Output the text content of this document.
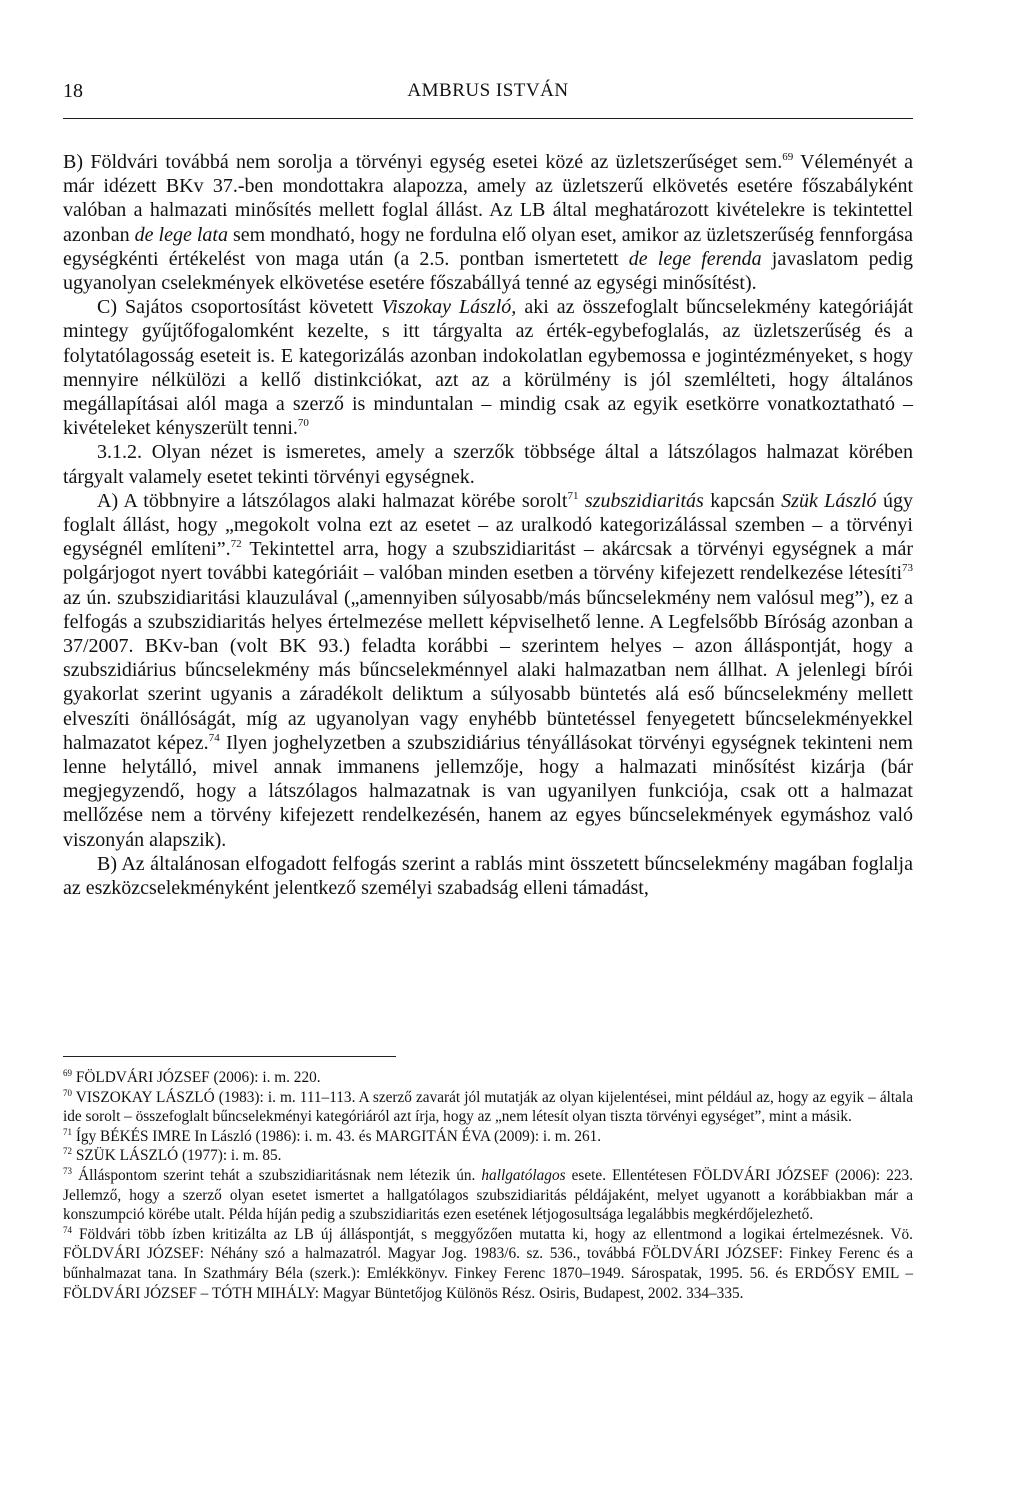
18	AMBRUS ISTVÁN

B) Földvári továbbá nem sorolja a törvényi egység esetei közé az üzletszerűséget sem.$^{69}$ Véleményét a már idézett BKv 37.-ben mondottakra alapozza, amely az üzletszerű elkövetés esetére főszabályként valóban a halmazati minősítés mellett foglal állást. Az LB által meghatározott kivételekre is tekintettel azonban de lege lata sem mondható, hogy ne fordulna elő olyan eset, amikor az üzletszerűség fennforgása egységkénti értékelést von maga után (a 2.5. pontban ismertetett de lege ferenda javaslatom pedig ugyanolyan cselekmények elkövetése esetére főszabállyá tenné az egységi minősítést).

C) Sajátos csoportosítást követett Viszokay László, aki az összefoglalt bűncselekmény kategóriáját mintegy gyűjtőfogalomként kezelte, s itt tárgyalta az érték-egybefoglalás, az üzletszerűség és a folytatólagosság eseteit is. E kategorizálás azonban indokolatlan egybemossa e jogintézményeket, s hogy mennyire nélkülözi a kellő distinkciókat, azt az a körülmény is jól szemlélteti, hogy általános megállapításai alól maga a szerző is minduntalan – mindig csak az egyik esetkörre vonatkoztatható – kivételeket kényszerült tenni.$^{70}$

3.1.2. Olyan nézet is ismeretes, amely a szerzők többsége által a látszólagos halmazat körében tárgyalt valamely esetet tekinti törvényi egységnek.

A) A többnyire a látszólagos alaki halmazat körébe sorolt$^{71}$ szubszidiaritás kapcsán Szük László úgy foglalt állást, hogy „megokolt volna ezt az esetet – az uralkodó kategorizálással szemben – a törvényi egységnél említeni”.$^{72}$ Tekintettel arra, hogy a szubszidiaritást – akárcsak a törvényi egységnek a már polgárjogot nyert további kategóriáit – valóban minden esetben a törvény kifejezett rendelkezése létesíti$^{73}$ az ún. szubszidiaritási klauzulával („amennyiben súlyosabb/más bűncselekmény nem valósul meg”), ez a felfogás a szubszidiaritás helyes értelmezése mellett képviselhető lenne. A Legfelsőbb Bíróság azonban a 37/2007. BKv-ban (volt BK 93.) feladta korábbi – szerintem helyes – azon álláspontját, hogy a szubszidiárius bűncselekmény más bűncselekménnyel alaki halmazatban nem állhat. A jelenlegi bírói gyakorlat szerint ugyanis a záradékolt deliktum a súlyosabb büntetés alá eső bűncselekmény mellett elveszíti önállóságát, míg az ugyanolyan vagy enyhébb büntetéssel fenyegetett bűncselekményekkel halmazatot képez.$^{74}$ Ilyen joghelyzetben a szubszidiárius tényállásokat törvényi egységnek tekinteni nem lenne helytálló, mivel annak immanens jellemzője, hogy a halmazati minősítést kizárja (bár megjegyzendő, hogy a látszólagos halmazatnak is van ugyanilyen funkciója, csak ott a halmazat mellőzése nem a törvény kifejezett rendelkezésén, hanem az egyes bűncselekmények egymáshoz való viszonyán alapszik).

B) Az általánosan elfogadott felfogás szerint a rablás mint összetett bűncselekmény magában foglalja az eszközcselekményként jelentkező személyi szabadság elleni támadást,

$^{69}$ FÖLDVÁRI JÓZSEF (2006): i. m. 220.

$^{70}$ VISZOKAY LÁSZLÓ (1983): i. m. 111–113. A szerző zavarát jól mutatják az olyan kijelentései, mint például az, hogy az egyik – általa ide sorolt – összefoglalt bűncselekményi kategóriáról azt írja, hogy az „nem létesít olyan tiszta törvényi egységet”, mint a másik.

$^{71}$ Így BÉKÉS IMRE In László (1986): i. m. 43. és MARGITÁN ÉVA (2009): i. m. 261.

$^{72}$ SZÜK LÁSZLÓ (1977): i. m. 85.

$^{73}$ Álláspontom szerint tehát a szubszidiaritásnak nem létezik ún. hallgatólagos esete. Ellentétesen FÖLDVÁRI JÓZSEF (2006): 223. Jellemző, hogy a szerző olyan esetet ismertet a hallgatólagos szubszidiaritás példájaként, melyet ugyanott a korábbiakban már a konszumpció körébe utalt. Példa híján pedig a szubszidiaritás ezen esetének létjogosultsága legalábbis megkérdőjelezhető.

$^{74}$ Földvári több ízben kritizálta az LB új álláspontját, s meggyőzően mutatta ki, hogy az ellentmond a logikai értelmezésnek. Vö. FÖLDVÁRI JÓZSEF: Néhány szó a halmazatról. Magyar Jog. 1983/6. sz. 536., továbbá FÖLDVÁRI JÓZSEF: Finkey Ferenc és a bűnhalmazat tana. In Szathmáry Béla (szerk.): Emlékkönyv. Finkey Ferenc 1870–1949. Sárospatak, 1995. 56. és ERDŐSY EMIL – FÖLDVÁRI JÓZSEF – TÓTH MIHÁLY: Magyar Büntetőjog Különös Rész. Osiris, Budapest, 2002. 334–335.
